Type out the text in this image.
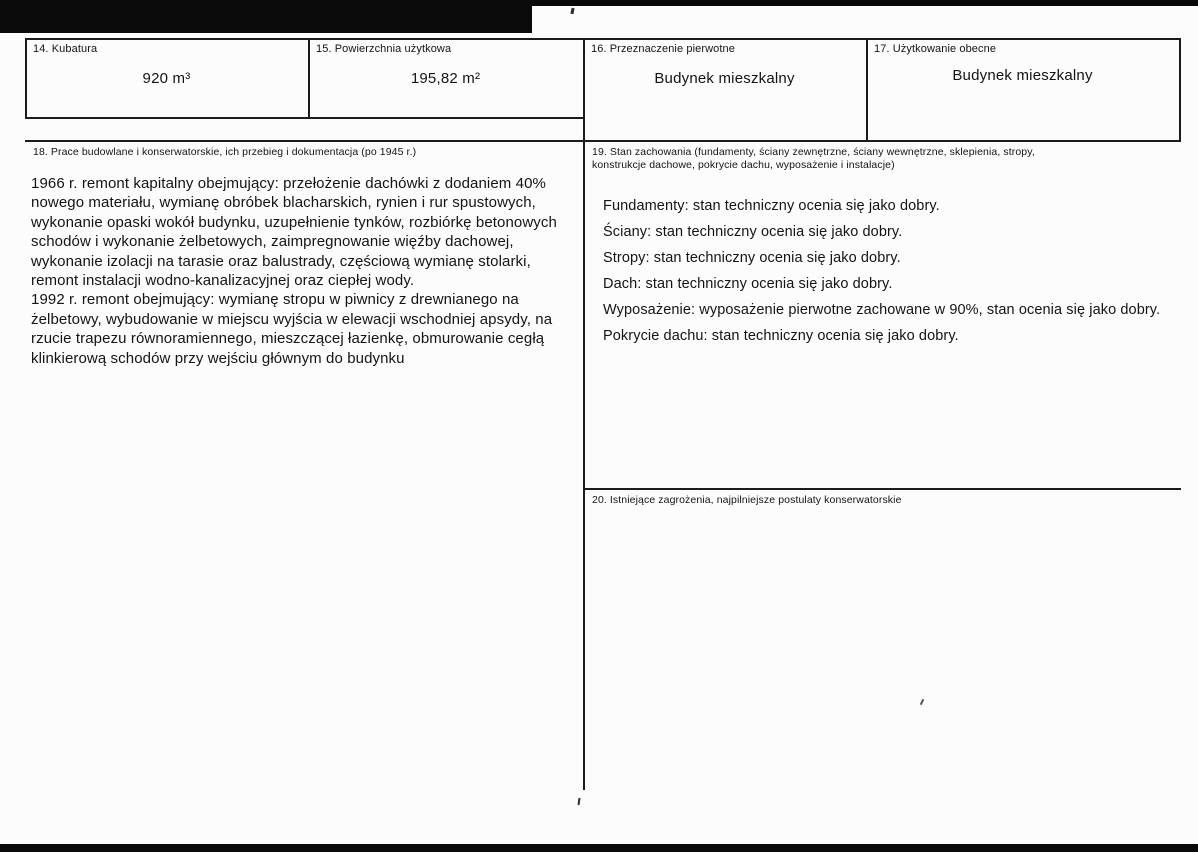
14. Kubatura
920 m³
15. Powierzchnia użytkowa
195,82 m²
16. Przeznaczenie pierwotne
Budynek mieszkalny
17. Użytkowanie obecne
Budynek mieszkalny
18. Prace budowlane i konserwatorskie, ich przebieg i dokumentacja (po 1945 r.)
1966 r. remont kapitalny obejmujący: przełożenie dachówki z dodaniem 40%
nowego materiału, wymianę obróbek blacharskich, rynien i rur spustowych,
wykonanie opaski wokół budynku, uzupełnienie tynków, rozbiórkę betonowych
schodów i wykonanie żelbetowych, zaimpregnowanie więźby dachowej,
wykonanie izolacji na tarasie oraz balustrady, częściową wymianę stolarki,
remont instalacji wodno-kanalizacyjnej oraz ciepłej wody.
1992 r. remont obejmujący: wymianę stropu w piwnicy z drewnianego na
żelbetowy, wybudowanie w miejscu wyjścia w elewacji wschodniej apsydy, na
rzucie trapezu równoramiennego, mieszczącej łazienkę, obmurowanie cegłą
klinkierową schodów przy wejściu głównym do budynku
19. Stan zachowania (fundamenty, ściany zewnętrzne, ściany wewnętrzne, sklepienia, stropy,
konstrukcje dachowe, pokrycie dachu, wyposażenie i instalacje)
Fundamenty: stan techniczny ocenia się jako dobry.
Ściany: stan techniczny ocenia się jako dobry.
Stropy: stan techniczny ocenia się jako dobry.
Dach: stan techniczny ocenia się jako dobry.
Wyposażenie: wyposażenie pierwotne zachowane w 90%, stan ocenia się jako dobry.
Pokrycie dachu: stan techniczny ocenia się jako dobry.
20. Istniejące zagrożenia, najpilniejsze postulaty konserwatorskie
